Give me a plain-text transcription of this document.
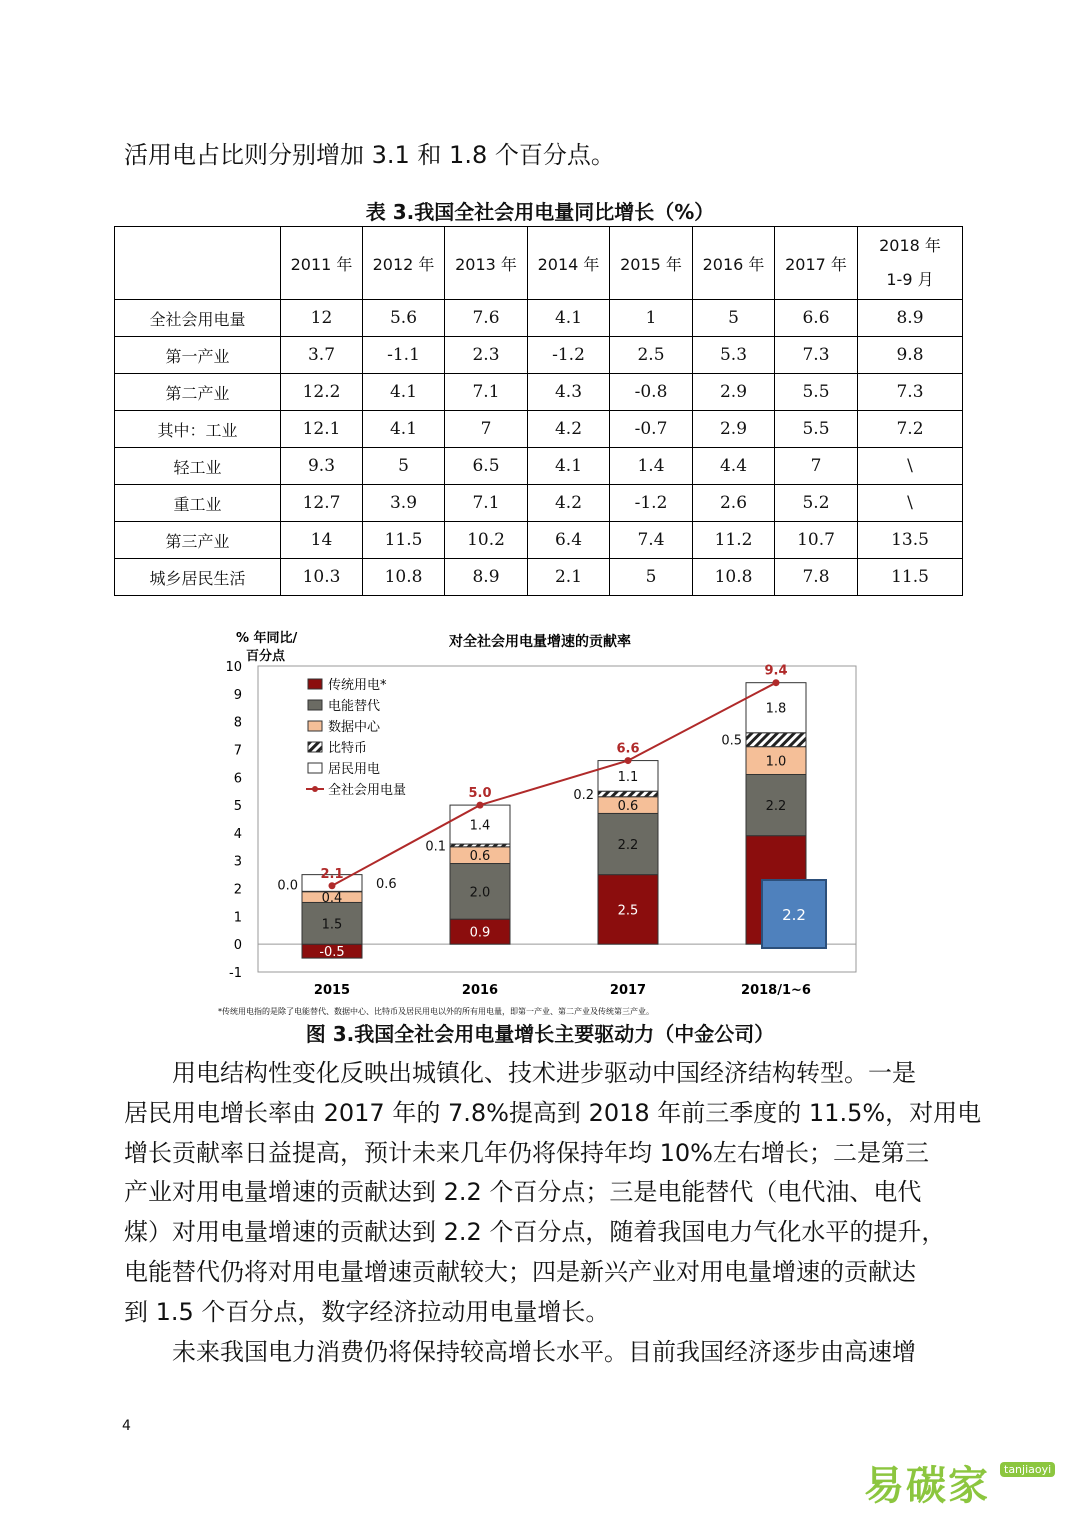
活用电占比则分别增加 3.1 和 1.8 个百分点。

表 3.我国全社会用电量同比增长（%）

	2011 年	2012 年	2013 年	2014 年	2015 年	2016 年	2017 年	2018 年
1-9 月

全社会用电量	12	5.6	7.6	4.1	1	5	6.6	8.9
第一产业	3.7	-1.1	2.3	-1.2	2.5	5.3	7.3	9.8
第二产业	12.2	4.1	7.1	4.3	-0.8	2.9	5.5	7.3
其中：工业	12.1	4.1	7	4.2	-0.7	2.9	5.5	7.2
轻工业	9.3	5	6.5	4.1	1.4	4.4	7	\
重工业	12.7	3.9	7.1	4.2	-1.2	2.6	5.2	\
第三产业	14	11.5	10.2	6.4	7.4	11.2	10.7	13.5
城乡居民生活	10.3	10.8	8.9	2.1	5	10.8	7.8	11.5
% 年同比/
百分点
对全社会用电量增速的贡献率
-1
0
1
2
3
4
5
6
7
8
9
10
-0.5
1.5
0.4
0.0	0.6
0.9
2.0
0.6
0.1
1.4
2.5
2.2
0.6
0.2
1.1
2.2
1.0
0.5
1.8
2.1
5.0
6.6
9.4
2015	2016	2017	2018/1~6
传统用电*
电能替代
数据中心
比特币
居民用电
全社会用电量
2.2
*传统用电指的是除了电能替代、数据中心、比特币及居民用电以外的所有用电量，即第一产业、第二产业及传统第三产业。

图 3.我国全社会用电量增长主要驱动力（中金公司）

　　用电结构性变化反映出城镇化、技术进步驱动中国经济结构转型。一是

居民用电增长率由 2017 年的 7.8%提高到 2018 年前三季度的 11.5%，对用电

增长贡献率日益提高，预计未来几年仍将保持年均 10%左右增长；二是第三

产业对用电量增速的贡献达到 2.2 个百分点；三是电能替代（电代油、电代

煤）对用电量增速的贡献达到 2.2 个百分点，随着我国电力气化水平的提升，

电能替代仍将对用电量增速贡献较大；四是新兴产业对用电量增速的贡献达

到 1.5 个百分点，数字经济拉动用电量增长。

　　未来我国电力消费仍将保持较高增长水平。目前我国经济逐步由高速增

4

易碳家	tanjiaoyi
